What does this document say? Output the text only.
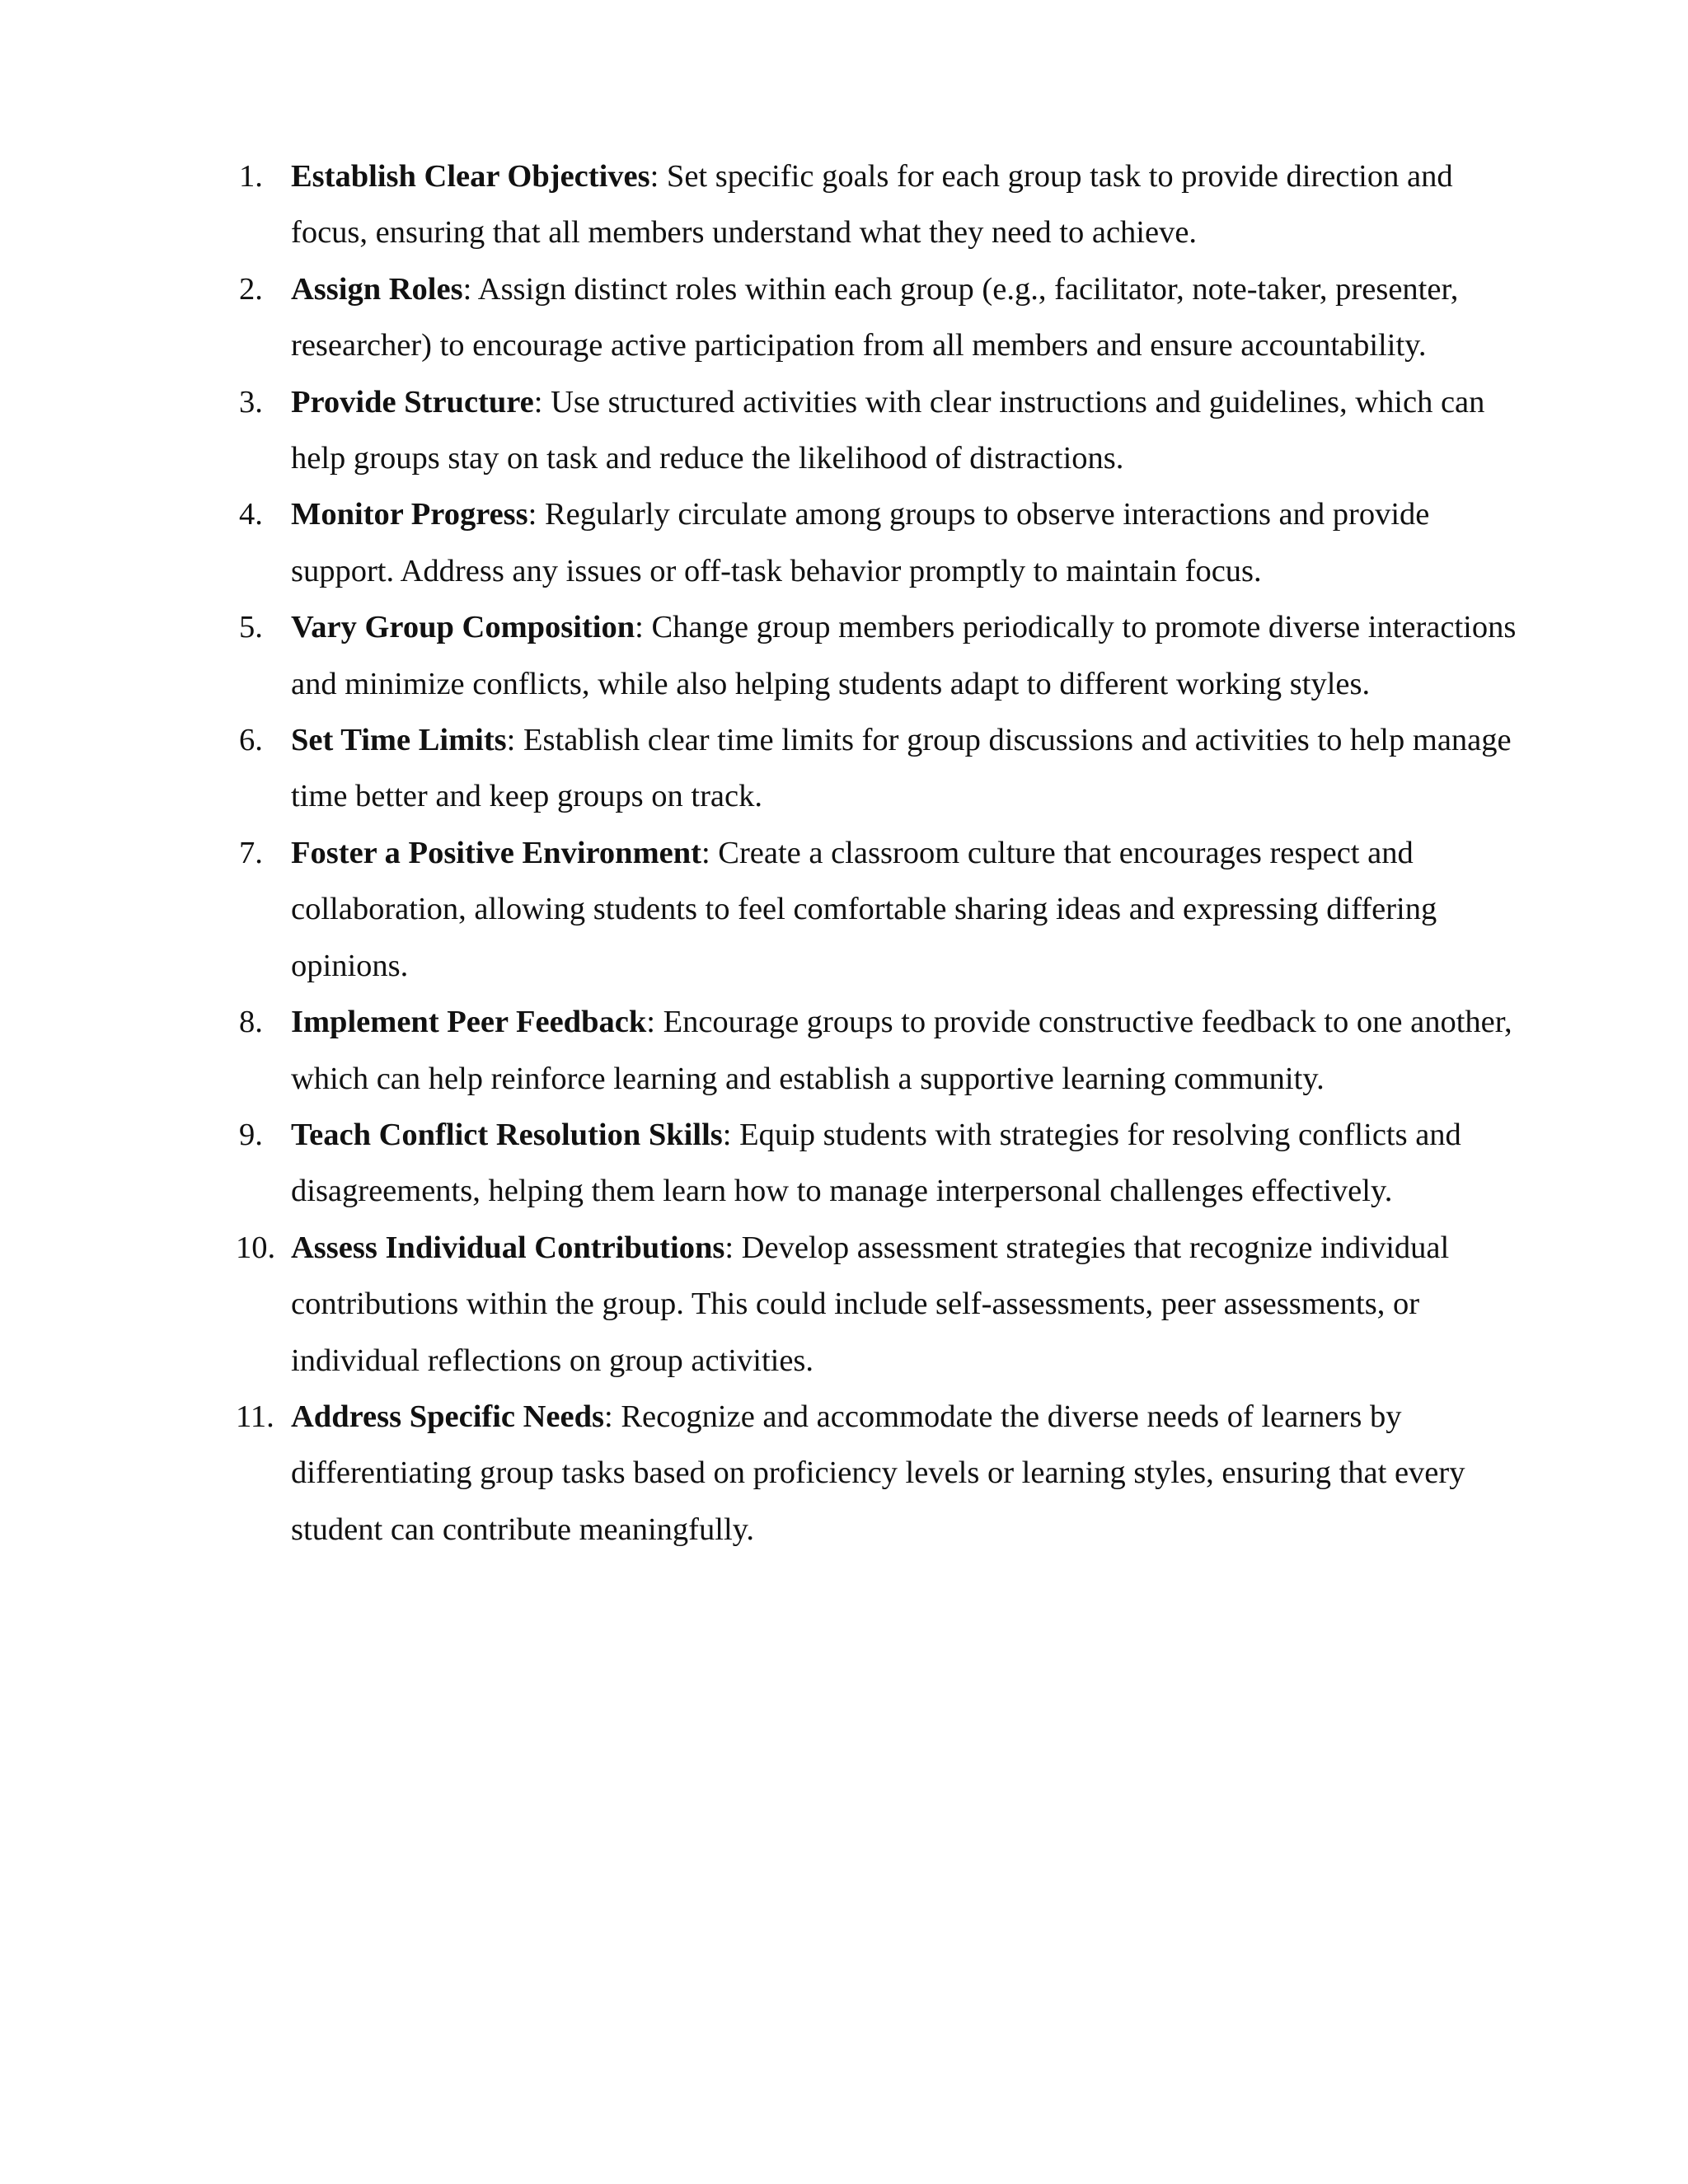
1. Establish Clear Objectives: Set specific goals for each group task to provide direction and focus, ensuring that all members understand what they need to achieve.
2. Assign Roles: Assign distinct roles within each group (e.g., facilitator, note-taker, presenter, researcher) to encourage active participation from all members and ensure accountability.
3. Provide Structure: Use structured activities with clear instructions and guidelines, which can help groups stay on task and reduce the likelihood of distractions.
4. Monitor Progress: Regularly circulate among groups to observe interactions and provide support. Address any issues or off-task behavior promptly to maintain focus.
5. Vary Group Composition: Change group members periodically to promote diverse interactions and minimize conflicts, while also helping students adapt to different working styles.
6. Set Time Limits: Establish clear time limits for group discussions and activities to help manage time better and keep groups on track.
7. Foster a Positive Environment: Create a classroom culture that encourages respect and collaboration, allowing students to feel comfortable sharing ideas and expressing differing opinions.
8. Implement Peer Feedback: Encourage groups to provide constructive feedback to one another, which can help reinforce learning and establish a supportive learning community.
9. Teach Conflict Resolution Skills: Equip students with strategies for resolving conflicts and disagreements, helping them learn how to manage interpersonal challenges effectively.
10. Assess Individual Contributions: Develop assessment strategies that recognize individual contributions within the group. This could include self-assessments, peer assessments, or individual reflections on group activities.
11. Address Specific Needs: Recognize and accommodate the diverse needs of learners by differentiating group tasks based on proficiency levels or learning styles, ensuring that every student can contribute meaningfully.
